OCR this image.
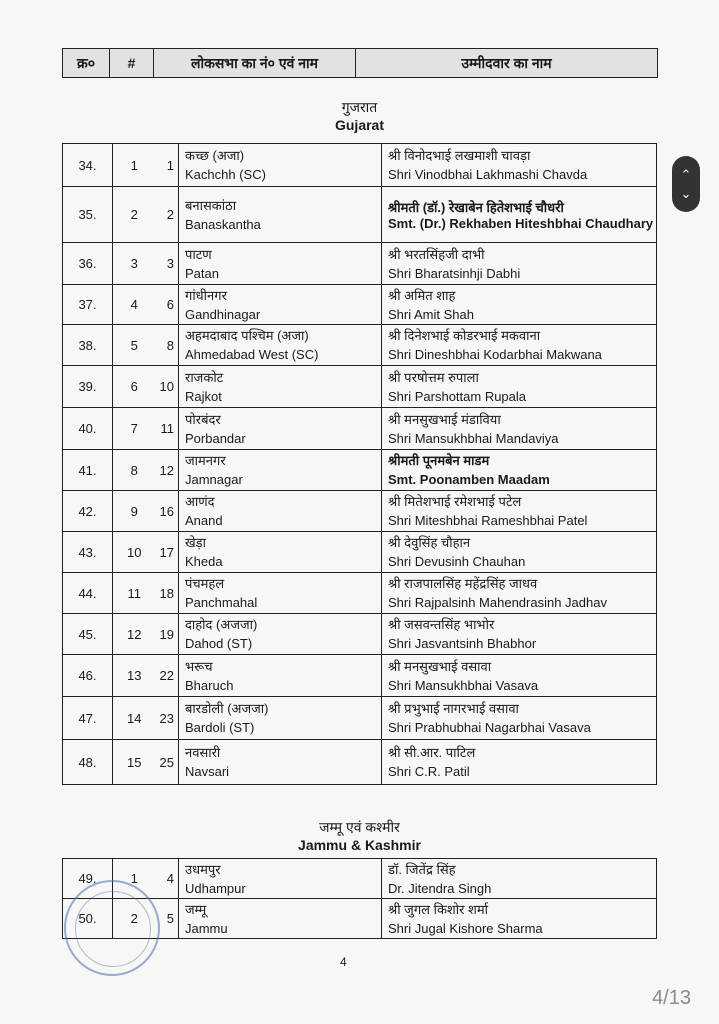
क्र०	#	लोकसभा का नं० एवं नाम	उम्मीदवार का नाम
गुजरात
Gujarat
34.	1	1	कच्छ (अजा)
Kachchh (SC)	श्री विनोदभाई लखमाशी चावड़ा
Shri Vinodbhai Lakhmashi Chavda

35.	2	2	बनासकांठा
Banaskantha	श्रीमती (डॉ.) रेखाबेन हितेशभाई चौधरी
Smt. (Dr.) Rekhaben Hiteshbhai Chaudhary

36.	3	3	पाटण
Patan	श्री भरतसिंहजी दाभी
Shri Bharatsinhji Dabhi

37.	4	6	गांधीनगर
Gandhinagar	श्री अमित शाह
Shri Amit Shah

38.	5	8	अहमदाबाद पश्चिम (अजा)
Ahmedabad West (SC)	श्री दिनेशभाई कोडरभाई मकवाना
Shri Dineshbhai Kodarbhai Makwana

39.	6	10	राजकोट
Rajkot	श्री परषोत्तम रुपाला
Shri Parshottam Rupala

40.	7	11	पोरबंदर
Porbandar	श्री मनसुखभाई मंडाविया
Shri Mansukhbhai Mandaviya

41.	8	12	जामनगर
Jamnagar	श्रीमती पूनमबेन माडम
Smt. Poonamben Maadam

42.	9	16	आणंद
Anand	श्री मितेशभाई रमेशभाई पटेल
Shri Miteshbhai Rameshbhai Patel

43.	10	17	खेड़ा
Kheda	श्री देवुसिंह चौहान
Shri Devusinh Chauhan

44.	11	18	पंचमहल
Panchmahal	श्री राजपालसिंह महेंद्रसिंह जाधव
Shri Rajpalsinh Mahendrasinh Jadhav

45.	12	19	दाहोद (अजजा)
Dahod (ST)	श्री जसवन्तसिंह भाभोर
Shri Jasvantsinh Bhabhor

46.	13	22	भरूच
Bharuch	श्री मनसुखभाई वसावा
Shri Mansukhbhai Vasava

47.	14	23	बारडोली (अजजा)
Bardoli (ST)	श्री प्रभुभाई नागरभाई वसावा
Shri Prabhubhai Nagarbhai Vasava

48.	15	25	नवसारी
Navsari	श्री सी.आर. पाटिल
Shri C.R. Patil
जम्मू एवं कश्मीर
Jammu & Kashmir
49.	1	4	उधमपुर
Udhampur	डॉ. जितेंद्र सिंह
Dr. Jitendra Singh

50.	2	5	जम्मू
Jammu	श्री जुगल किशोर शर्मा
Shri Jugal Kishore Sharma
4
⌃
⌄
4/13
